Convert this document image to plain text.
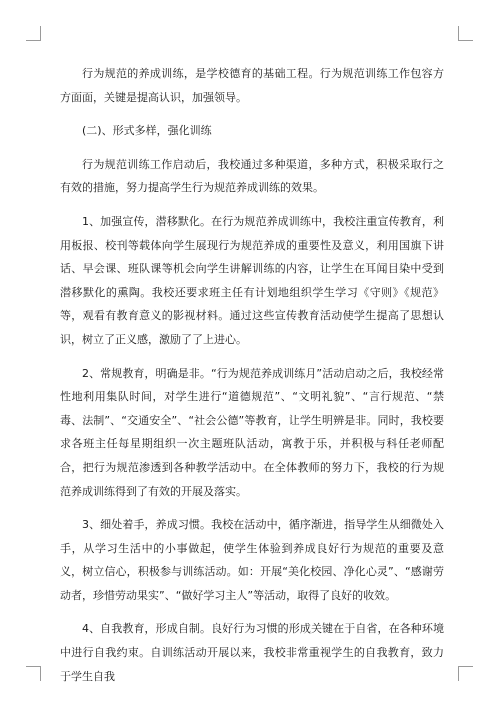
行为规范的养成训练，是学校德育的基础工程。行为规范训练工作包容方方面面，关键是提高认识，加强领导。

(二)、形式多样，强化训练

行为规范训练工作启动后，我校通过多种渠道，多种方式，积极采取行之有效的措施，努力提高学生行为规范养成训练的效果。

1、加强宣传，潜移默化。在行为规范养成训练中，我校注重宣传教育，利用板报、校刊等载体向学生展现行为规范养成的重要性及意义，利用国旗下讲话、早会课、班队课等机会向学生讲解训练的内容，让学生在耳闻目染中受到潜移默化的熏陶。我校还要求班主任有计划地组织学生学习《守则》《规范》等，观看有教育意义的影视材料。通过这些宣传教育活动使学生提高了思想认识，树立了正义感，激励了了上进心。

2、常规教育，明确是非。“行为规范养成训练月”活动启动之后，我校经常性地利用集队时间，对学生进行“道德规范”、“文明礼貌”、“言行规范、“禁毒、法制”、“交通安全”、“社会公德”等教育，让学生明辨是非。同时，我校要求各班主任每星期组织一次主题班队活动，寓教于乐，并积极与科任老师配合，把行为规范渗透到各种教学活动中。在全体教师的努力下，我校的行为规范养成训练得到了有效的开展及落实。

3、细处着手，养成习惯。我校在活动中，循序渐进，指导学生从细微处入手，从学习生活中的小事做起，使学生体验到养成良好行为规范的重要及意义，树立信心，积极参与训练活动。如：开展“美化校园、净化心灵”、“感谢劳动者，珍惜劳动果实”、“做好学习主人”等活动，取得了良好的收效。

4、自我教育，形成自制。良好行为习惯的形成关键在于自省，在各种环境中进行自我约束。自训练活动开展以来，我校非常重视学生的自我教育，致力于学生自我
